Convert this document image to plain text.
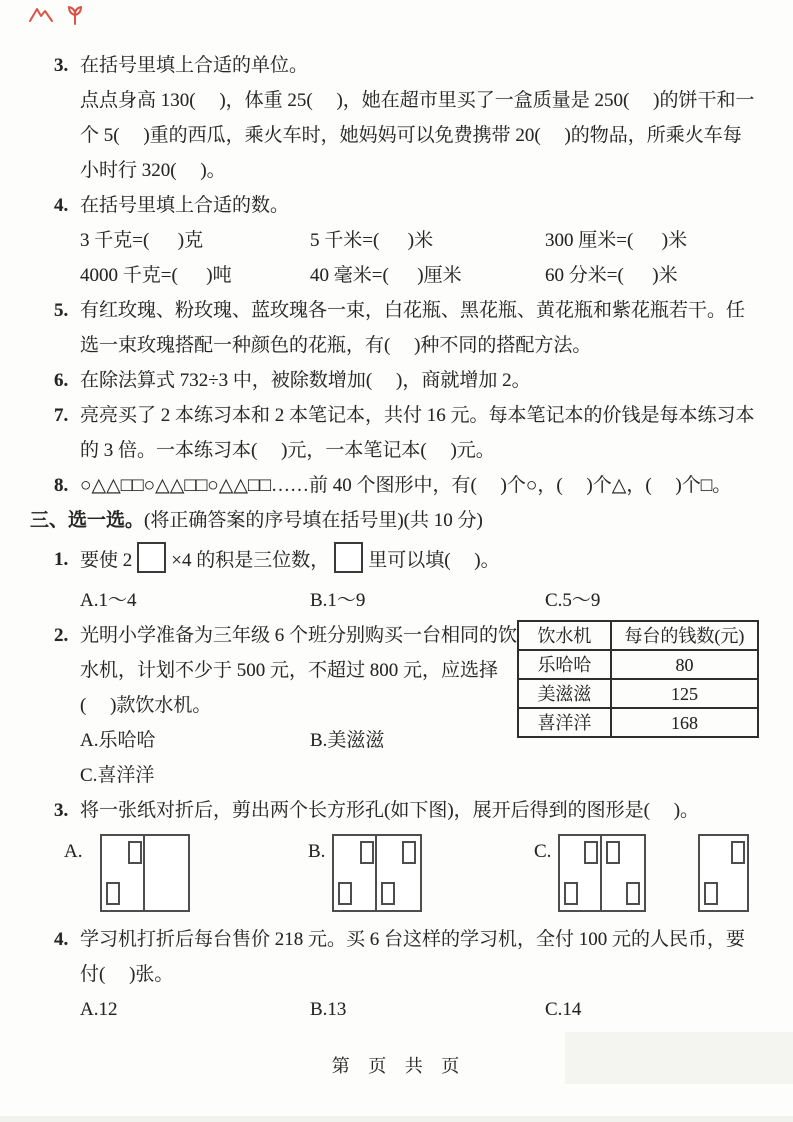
3. 在括号里填上合适的单位。

点点身高 130(     )，体重 25(     )，她在超市里买了一盒质量是 250(     )的饼干和一个 5(     )重的西瓜，乘火车时，她妈妈可以免费携带 20(     )的物品，所乘火车每小时行 320(     )。

4. 在括号里填上合适的数。

3 千克=(      )克	5 千米=(      )米	300 厘米=(      )米
4000 千克=(      )吨	40 毫米=(      )厘米	60 分米=(      )米
5. 有红玫瑰、粉玫瑰、蓝玫瑰各一束，白花瓶、黑花瓶、黄花瓶和紫花瓶若干。任选一束玫瑰搭配一种颜色的花瓶，有(     )种不同的搭配方法。

6. 在除法算式 732÷3 中，被除数增加(     )，商就增加 2。

7. 亮亮买了 2 本练习本和 2 本笔记本，共付 16 元。每本笔记本的价钱是每本练习本的 3 倍。一本练习本(     )元，一本笔记本(     )元。

8. ○△△□□○△△□□○△△□□……前 40 个图形中，有(     )个○，(     )个△，(     )个□。

三、选一选。(将正确答案的序号填在括号里)(共 10 分)

1. 要使 2 ×4 的积是三位数， 里可以填(     )。

A.1～4	B.1～9	C.5～9
2. 光明小学准备为三年级 6 个班分别购买一台相同的饮水机，计划不少于 500 元，不超过 800 元，应选择(     )款饮水机。

A.乐哈哈	B.美滋滋
C.喜洋洋
饮水机	每台的钱数(元)
乐哈哈	80
美滋滋	125
喜洋洋	168
3. 将一张纸对折后，剪出两个长方形孔(如下图)，展开后得到的图形是(     )。

A.	B.	C.
4. 学习机打折后每台售价 218 元。买 6 台这样的学习机，全付 100 元的人民币，要付(     )张。

A.12	B.13	C.14
第 页 共 页
